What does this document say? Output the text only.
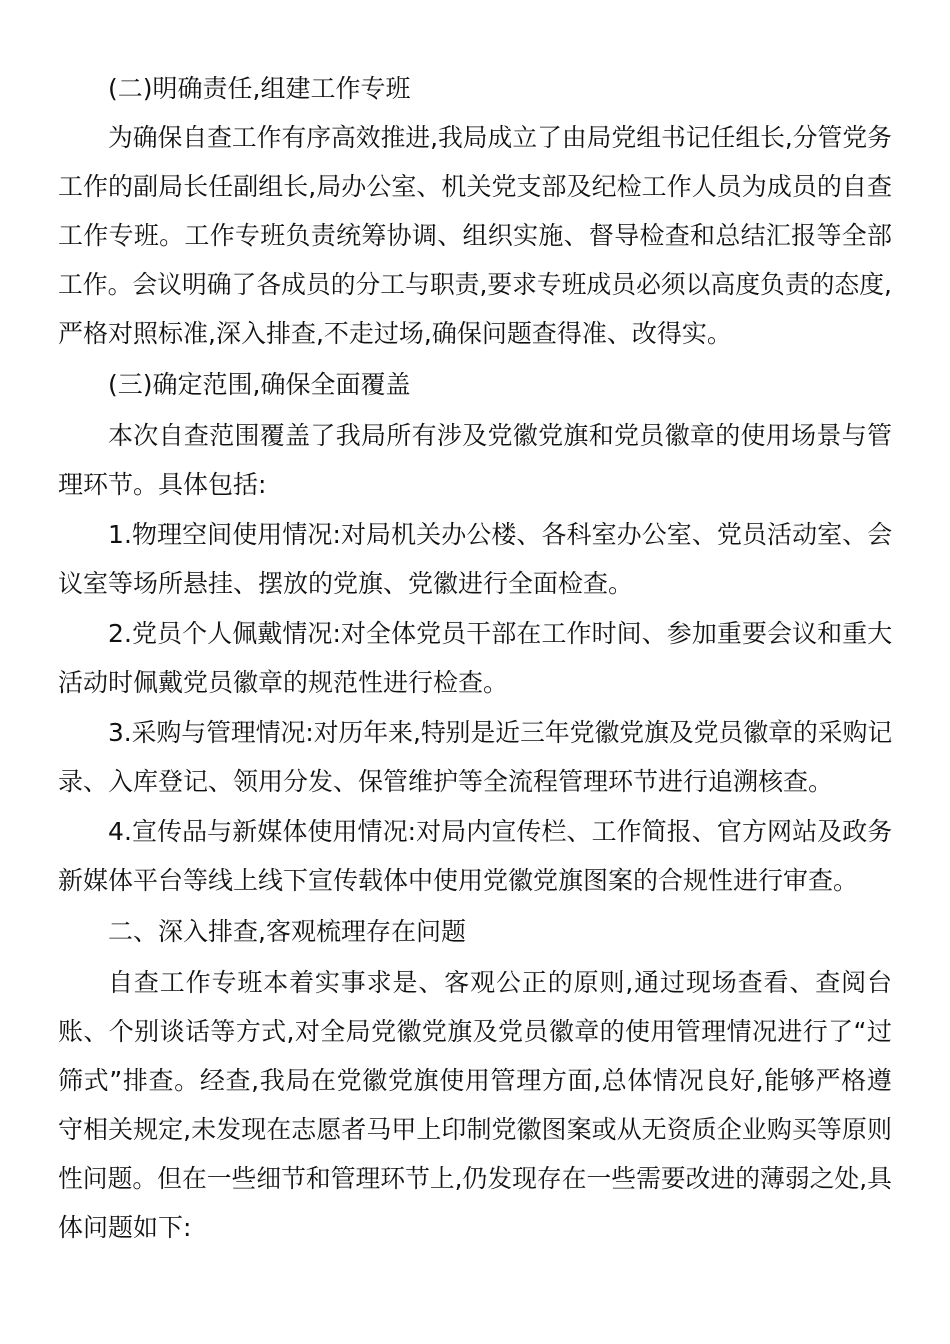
(二)明确责任,组建工作专班
为确保自查工作有序高效推进,我局成立了由局党组书记任组长,分管党务
工作的副局长任副组长,局办公室、机关党支部及纪检工作人员为成员的自查
工作专班。工作专班负责统筹协调、组织实施、督导检查和总结汇报等全部
工作。会议明确了各成员的分工与职责,要求专班成员必须以高度负责的态度,
严格对照标准,深入排查,不走过场,确保问题查得准、改得实。
(三)确定范围,确保全面覆盖
本次自查范围覆盖了我局所有涉及党徽党旗和党员徽章的使用场景与管
理环节。具体包括:
1.物理空间使用情况:对局机关办公楼、各科室办公室、党员活动室、会
议室等场所悬挂、摆放的党旗、党徽进行全面检查。
2.党员个人佩戴情况:对全体党员干部在工作时间、参加重要会议和重大
活动时佩戴党员徽章的规范性进行检查。
3.采购与管理情况:对历年来,特别是近三年党徽党旗及党员徽章的采购记
录、入库登记、领用分发、保管维护等全流程管理环节进行追溯核查。
4.宣传品与新媒体使用情况:对局内宣传栏、工作简报、官方网站及政务
新媒体平台等线上线下宣传载体中使用党徽党旗图案的合规性进行审查。
二、深入排查,客观梳理存在问题
自查工作专班本着实事求是、客观公正的原则,通过现场查看、查阅台
账、个别谈话等方式,对全局党徽党旗及党员徽章的使用管理情况进行了“过
筛式”排查。经查,我局在党徽党旗使用管理方面,总体情况良好,能够严格遵
守相关规定,未发现在志愿者马甲上印制党徽图案或从无资质企业购买等原则
性问题。但在一些细节和管理环节上,仍发现存在一些需要改进的薄弱之处,具
体问题如下:
